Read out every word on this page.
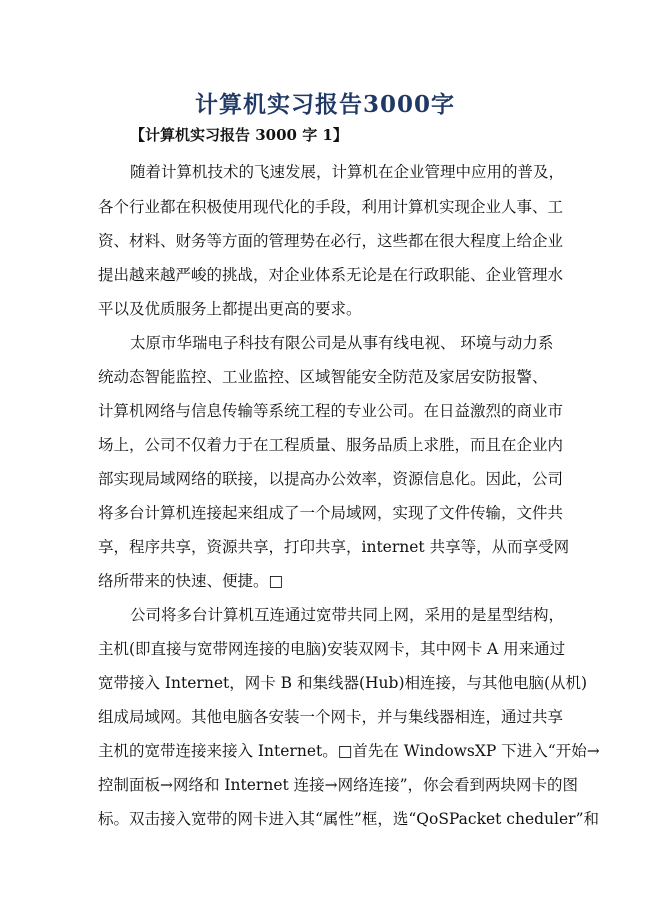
计算机实习报告3000字
【计算机实习报告 3000 字 1】
随着计算机技术的飞速发展，计算机在企业管理中应用的普及，
各个行业都在积极使用现代化的手段，利用计算机实现企业人事、工
资、材料、财务等方面的管理势在必行，这些都在很大程度上给企业
提出越来越严峻的挑战，对企业体系无论是在行政职能、企业管理水
平以及优质服务上都提出更高的要求。
太原市华瑞电子科技有限公司是从事有线电视、 环境与动力系
统动态智能监控、工业监控、区域智能安全防范及家居安防报警、
计算机网络与信息传输等系统工程的专业公司。在日益激烈的商业市
场上，公司不仅着力于在工程质量、服务品质上求胜，而且在企业内
部实现局域网络的联接，以提高办公效率，资源信息化。因此，公司
将多台计算机连接起来组成了一个局域网，实现了文件传输，文件共
享，程序共享，资源共享，打印共享，internet 共享等，从而享受网
络所带来的快速、便捷。□
公司将多台计算机互连通过宽带共同上网，采用的是星型结构，
主机(即直接与宽带网连接的电脑)安装双网卡，其中网卡 A 用来通过
宽带接入 Internet，网卡 B 和集线器(Hub)相连接，与其他电脑(从机)
组成局域网。其他电脑各安装一个网卡，并与集线器相连，通过共享
主机的宽带连接来接入 Internet。□首先在 WindowsXP 下进入“开始→
控制面板→网络和 Internet 连接→网络连接”，你会看到两块网卡的图
标。双击接入宽带的网卡进入其“属性”框，选“QoSPacket cheduler”和
